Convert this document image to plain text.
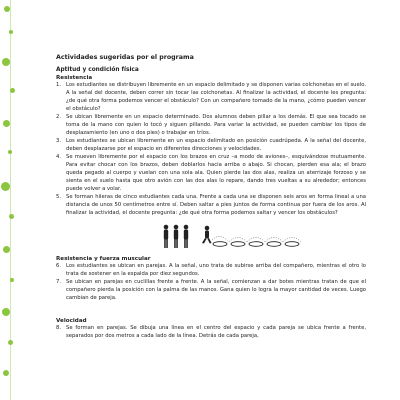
Actividades sugeridas por el programa
Aptitud y condición física
Resistencia
1. Los estudiantes se distribuyen libremente en un espacio delimitado y se disponen varias colchonetas en el suelo. A la señal del docente, deben correr sin tocar las colchonetas. Al finalizar la actividad, el docente les pregunta: ¿de qué otra forma podemos vencer el obstáculo? Con un compañero tomado de la mano, ¿cómo pueden vencer el obstáculo?
2. Se ubican libremente en un espacio determinado. Dos alumnos deben pillar a los demás. El que sea tocado se toma de la mano con quien lo tocó y siguen pillando. Para variar la actividad, se pueden cambiar los tipos de desplazamiento (en uno o dos pies) o trabajar en tríos.
3. Los estudiantes se ubican libremente en un espacio delimitado en posición cuadrúpeda. A la señal del docente, deben desplazarse por el espacio en diferentes direcciones y velocidades.
4. Se mueven libremente por el espacio con los brazos en cruz –a modo de aviones–, esquivándose mutuamente. Para evitar chocar con los brazos, deben doblarlos hacia arriba o abajo. Si chocan, pierden esa ala; el brazo queda pegado al cuerpo y vuelan con una sola ala. Quien pierde las dos alas, realiza un aterrizaje forzoso y se sienta en el suelo hasta que otro avión con las dos alas lo repare, dando tres vueltas a su alrededor; entonces puede volver a volar.
5. Se forman hileras de cinco estudiantes cada una. Frente a cada una se disponen seis aros en forma lineal a una distancia de unos 50 centímetros entre sí. Deben saltar a pies juntos de forma continua por fuera de los aros. Al finalizar la actividad, el docente pregunta: ¿de qué otra forma podemos saltar y vencer los obstáculos?
Resistencia y fuerza muscular
6. Los estudiantes se ubican en parejas. A la señal, uno trata de subirse arriba del compañero, mientras el otro lo trata de sostener en la espalda por diez segundos.
7. Se ubican en parejas en cuclillas frente a frente. A la señal, comienzan a dar botes mientras tratan de que el compañero pierda la posición con la palma de las manos. Gana quien lo logra la mayor cantidad de veces. Luego cambian de pareja.
Velocidad
8. Se forman en parejas. Se dibuja una línea en el centro del espacio y cada pareja se ubica frente a frente, separados por dos metros a cada lado de la línea. Detrás de cada pareja,
